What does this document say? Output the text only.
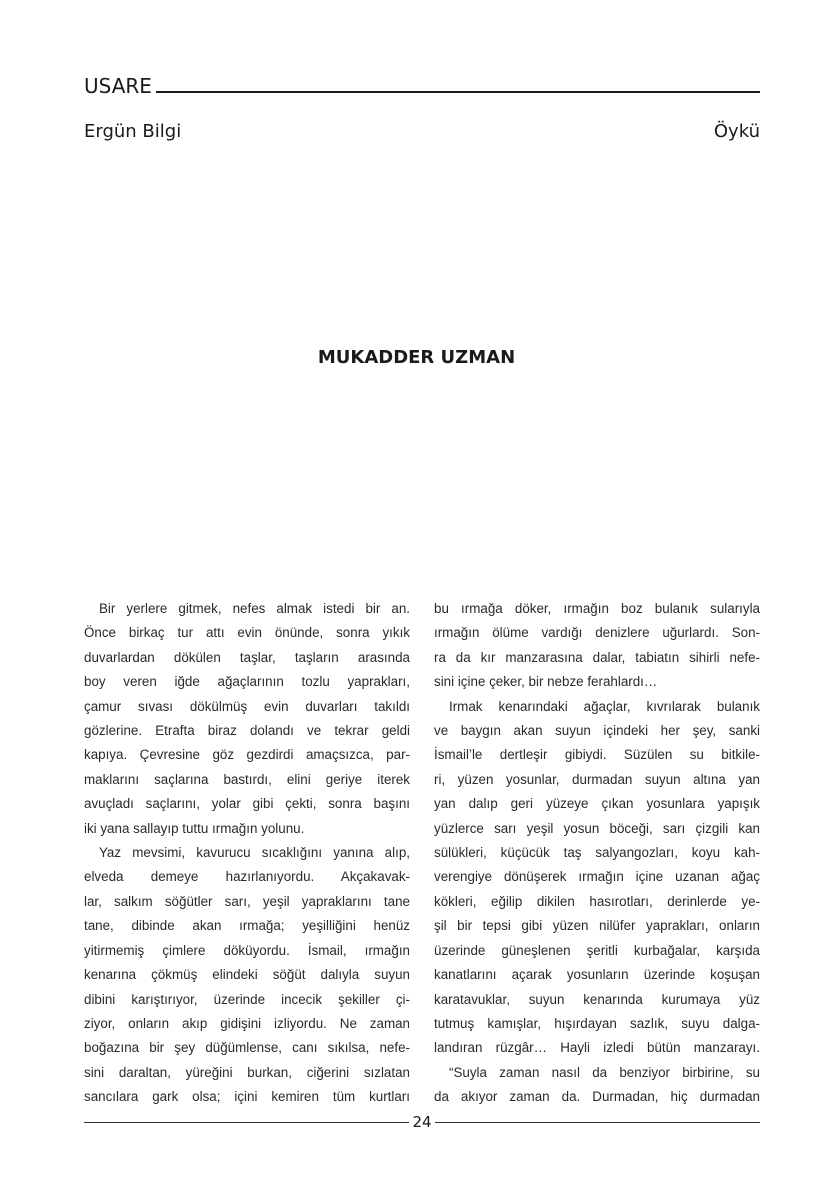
USARE
Ergün Bilgi	Öykü
MUKADDER UZMAN

Bir yerlere gitmek, nefes almak istedi bir an.

Önce birkaç tur attı evin önünde, sonra yıkık

duvarlardan dökülen taşlar, taşların arasında

boy veren iğde ağaçlarının tozlu yaprakları,

çamur sıvası dökülmüş evin duvarları takıldı

gözlerine. Etrafta biraz dolandı ve tekrar geldi

kapıya. Çevresine göz gezdirdi amaçsızca, par-

maklarını saçlarına bastırdı, elini geriye iterek

avuçladı saçlarını, yolar gibi çekti, sonra başını

iki yana sallayıp tuttu ırmağın yolunu.

Yaz mevsimi, kavurucu sıcaklığını yanına alıp,

elveda demeye hazırlanıyordu. Akçakavak-

lar, salkım söğütler sarı, yeşil yapraklarını tane

tane, dibinde akan ırmağa; yeşilliğini henüz

yitirmemiş çimlere döküyordu. İsmail, ırmağın

kenarına çökmüş elindeki söğüt dalıyla suyun

dibini karıştırıyor, üzerinde incecik şekiller çi-

ziyor, onların akıp gidişini izliyordu. Ne zaman

boğazına bir şey düğümlense, canı sıkılsa, nefe-

sini daraltan, yüreğini burkan, ciğerini sızlatan

sancılara gark olsa; içini kemiren tüm kurtları

bu ırmağa döker, ırmağın boz bulanık sularıyla

ırmağın ölüme vardığı denizlere uğurlardı. Son-

ra da kır manzarasına dalar, tabiatın sihirli nefe-

sini içine çeker, bir nebze ferahlardı…

Irmak kenarındaki ağaçlar, kıvrılarak bulanık

ve baygın akan suyun içindeki her şey, sanki

İsmail’le dertleşir gibiydi. Süzülen su bitkile-

ri, yüzen yosunlar, durmadan suyun altına yan

yan dalıp geri yüzeye çıkan yosunlara yapışık

yüzlerce sarı yeşil yosun böceği, sarı çizgili kan

sülükleri, küçücük taş salyangozları, koyu kah-

verengiye dönüşerek ırmağın içine uzanan ağaç

kökleri, eğilip dikilen hasırotları, derinlerde ye-

şil bir tepsi gibi yüzen nilüfer yaprakları, onların

üzerinde güneşlenen şeritli kurbağalar, karşıda

kanatlarını açarak yosunların üzerinde koşuşan

karatavuklar, suyun kenarında kurumaya yüz

tutmuş kamışlar, hışırdayan sazlık, suyu dalga-

landıran rüzgâr… Hayli izledi bütün manzarayı.

“Suyla zaman nasıl da benziyor birbirine, su

da akıyor zaman da. Durmadan, hiç durmadan

24
